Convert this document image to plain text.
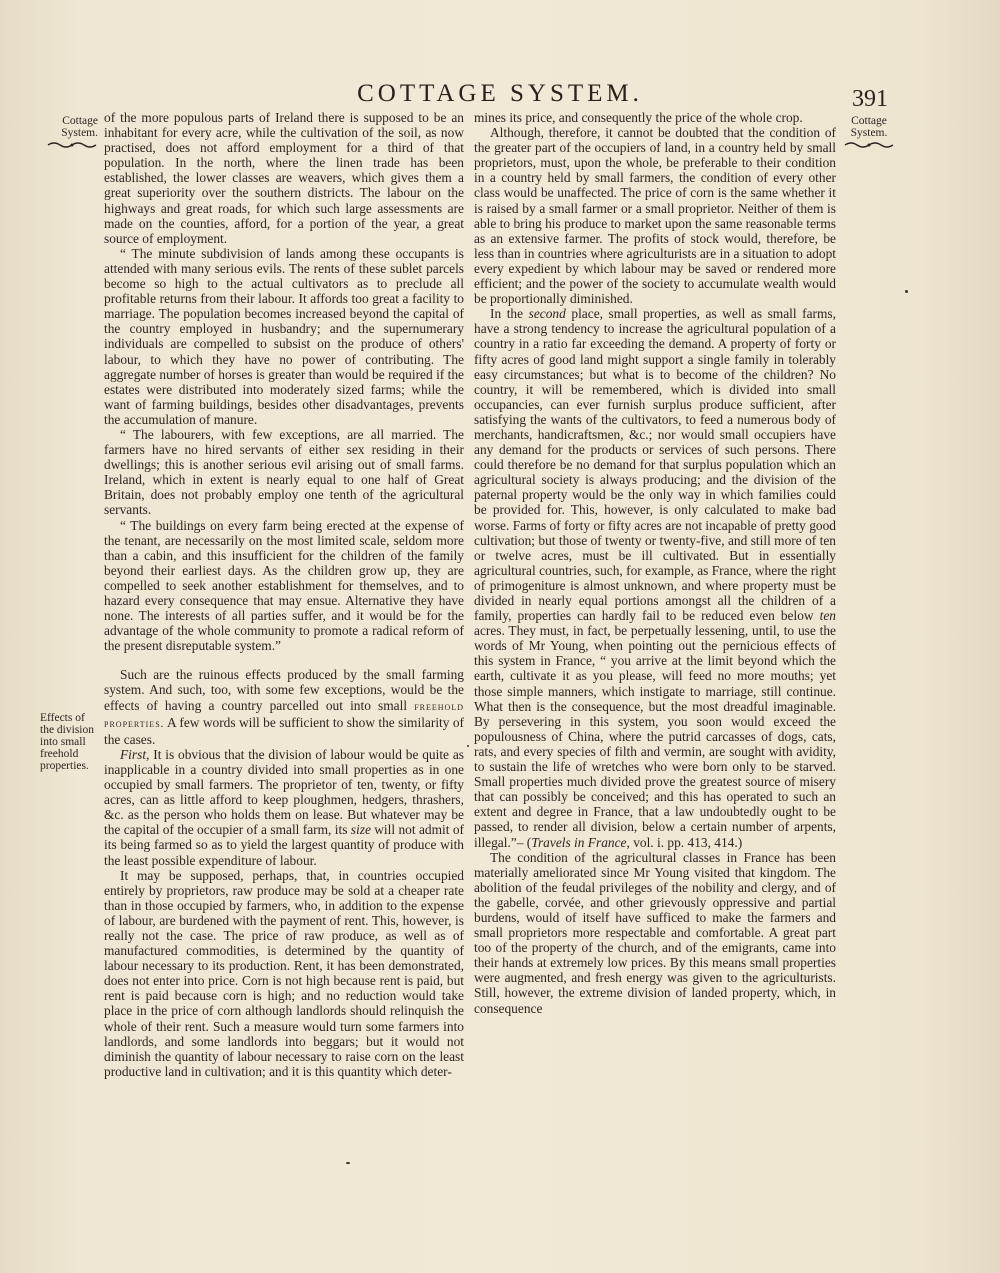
COTTAGE SYSTEM.	391
Cottage System.
Effects of the division into small freehold properties.
Cottage System.

of the more populous parts of Ireland there is supposed to be an inhabitant for every acre, while the cultivation of the soil, as now practised, does not afford employment for a third of that population. In the north, where the linen trade has been established, the lower classes are weavers, which gives them a great superiority over the southern districts. The labour on the highways and great roads, for which such large assessments are made on the counties, afford, for a portion of the year, a great source of employment.

“ The minute subdivision of lands among these occupants is attended with many serious evils. The rents of these sublet parcels become so high to the actual cultivators as to preclude all profitable returns from their labour. It affords too great a facility to marriage. The population becomes increased beyond the capital of the country employed in husbandry; and the supernumerary individuals are compelled to subsist on the produce of others' labour, to which they have no power of contributing. The aggregate number of horses is greater than would be required if the estates were distributed into moderately sized farms; while the want of farming buildings, besides other disadvantages, prevents the accumulation of manure.

“ The labourers, with few exceptions, are all married. The farmers have no hired servants of either sex residing in their dwellings; this is another serious evil arising out of small farms. Ireland, which in extent is nearly equal to one half of Great Britain, does not probably employ one tenth of the agricultural servants.

“ The buildings on every farm being erected at the expense of the tenant, are necessarily on the most limited scale, seldom more than a cabin, and this insufficient for the children of the family beyond their earliest days. As the children grow up, they are compelled to seek another establishment for themselves, and to hazard every consequence that may ensue. Alternative they have none. The interests of all parties suffer, and it would be for the advantage of the whole community to promote a radical reform of the present disreputable system.”

Such are the ruinous effects produced by the small farming system. And such, too, with some few exceptions, would be the effects of having a country parcelled out into small freehold properties. A few words will be sufficient to show the similarity of the cases.

First, It is obvious that the division of labour would be quite as inapplicable in a country divided into small properties as in one occupied by small farmers. The proprietor of ten, twenty, or fifty acres, can as little afford to keep ploughmen, hedgers, thrashers, &c. as the person who holds them on lease. But whatever may be the capital of the occupier of a small farm, its size will not admit of its being farmed so as to yield the largest quantity of produce with the least possible expenditure of labour.

It may be supposed, perhaps, that, in countries occupied entirely by proprietors, raw produce may be sold at a cheaper rate than in those occupied by farmers, who, in addition to the expense of labour, are burdened with the payment of rent. This, however, is really not the case. The price of raw produce, as well as of manufactured commodities, is determined by the quantity of labour necessary to its production. Rent, it has been demonstrated, does not enter into price. Corn is not high because rent is paid, but rent is paid because corn is high; and no reduction would take place in the price of corn although landlords should relinquish the whole of their rent. Such a measure would turn some farmers into landlords, and some landlords into beggars; but it would not diminish the quantity of labour necessary to raise corn on the least productive land in cultivation; and it is this quantity which deter-

mines its price, and consequently the price of the whole crop.

Although, therefore, it cannot be doubted that the condition of the greater part of the occupiers of land, in a country held by small proprietors, must, upon the whole, be preferable to their condition in a country held by small farmers, the condition of every other class would be unaffected. The price of corn is the same whether it is raised by a small farmer or a small proprietor. Neither of them is able to bring his produce to market upon the same reasonable terms as an extensive farmer. The profits of stock would, therefore, be less than in countries where agriculturists are in a situation to adopt every expedient by which labour may be saved or rendered more efficient; and the power of the society to accumulate wealth would be proportionally diminished.

In the second place, small properties, as well as small farms, have a strong tendency to increase the agricultural population of a country in a ratio far exceeding the demand. A property of forty or fifty acres of good land might support a single family in tolerably easy circumstances; but what is to become of the children? No country, it will be remembered, which is divided into small occupancies, can ever furnish surplus produce sufficient, after satisfying the wants of the cultivators, to feed a numerous body of merchants, handicraftsmen, &c.; nor would small occupiers have any demand for the products or services of such persons. There could therefore be no demand for that surplus population which an agricultural society is always producing; and the division of the paternal property would be the only way in which families could be provided for. This, however, is only calculated to make bad worse. Farms of forty or fifty acres are not incapable of pretty good cultivation; but those of twenty or twenty-five, and still more of ten or twelve acres, must be ill cultivated. But in essentially agricultural countries, such, for example, as France, where the right of primogeniture is almost unknown, and where property must be divided in nearly equal portions amongst all the children of a family, properties can hardly fail to be reduced even below ten acres. They must, in fact, be perpetually lessening, until, to use the words of Mr Young, when pointing out the pernicious effects of this system in France, “ you arrive at the limit beyond which the earth, cultivate it as you please, will feed no more mouths; yet those simple manners, which instigate to marriage, still continue. What then is the consequence, but the most dreadful imaginable. By persevering in this system, you soon would exceed the populousness of China, where the putrid carcasses of dogs, cats, rats, and every species of filth and vermin, are sought with avidity, to sustain the life of wretches who were born only to be starved. Small properties much divided prove the greatest source of misery that can possibly be conceived; and this has operated to such an extent and degree in France, that a law undoubtedly ought to be passed, to render all division, below a certain number of arpents, illegal.”– (Travels in France, vol. i. pp. 413, 414.)

The condition of the agricultural classes in France has been materially ameliorated since Mr Young visited that kingdom. The abolition of the feudal privileges of the nobility and clergy, and of the gabelle, corvée, and other grievously oppressive and partial burdens, would of itself have sufficed to make the farmers and small proprietors more respectable and comfortable. A great part too of the property of the church, and of the emigrants, came into their hands at extremely low prices. By this means small properties were augmented, and fresh energy was given to the agriculturists. Still, however, the extreme division of landed property, which, in consequence
